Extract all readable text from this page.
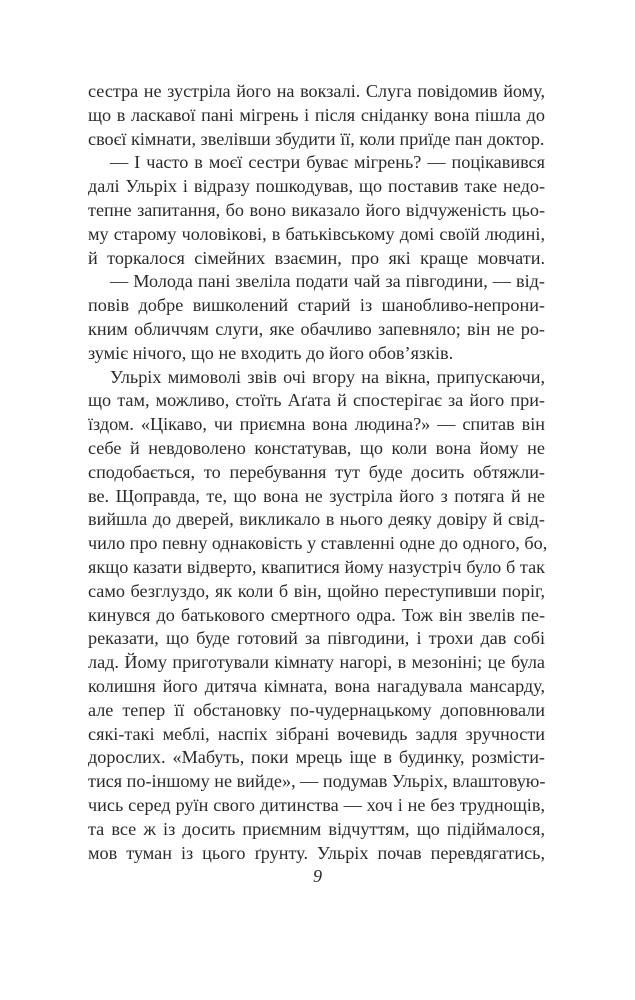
сестра не зустріла його на вокзалі. Слуга повідомив йому,
що в ласкавої пані мігрень і після сніданку вона пішла до
своєї кімнати, звелівши збудити її, коли приїде пан доктор.
— І часто в моєї сестри буває мігрень? — поцікавився
далі Ульріх і відразу пошкодував, що поставив таке недо-
тепне запитання, бо воно виказало його відчуженість цьо-
му старому чоловікові, в батьківському домі своїй людині,
й торкалося сімейних взаємин, про які краще мовчати.
— Молода пані звеліла подати чай за півгодини, — від-
повів добре вишколений старий із шанобливо-непрони-
кним обличчям слуги, яке обачливо запевняло; він не ро-
зуміє нічого, що не входить до його обов’язків.
Ульріх мимоволі звів очі вгору на вікна, припускаючи,
що там, можливо, стоїть Аґата й спостерігає за його при-
їздом. «Цікаво, чи приємна вона людина?» — спитав він
себе й невдоволено констатував, що коли вона йому не
сподобається, то перебування тут буде досить обтяжли-
ве. Щоправда, те, що вона не зустріла його з потяга й не
вийшла до дверей, викликало в нього деяку довіру й свід-
чило про певну однаковість у ставленні одне до одного, бо,
якщо казати відверто, квапитися йому назустріч було б так
само безглуздо, як коли б він, щойно переступивши поріг,
кинувся до батькового смертного одра. Тож він звелів пе-
реказати, що буде готовий за півгодини, і трохи дав собі
лад. Йому приготували кімнату нагорі, в мезоніні; це була
колишня його дитяча кімната, вона нагадувала мансарду,
але тепер її обстановку по-чудернацькому доповнювали
сякі-такі меблі, наспіх зібрані вочевидь задля зручности
дорослих. «Мабуть, поки мрець іще в будинку, розмісти-
тися по-іншому не вийде», — подумав Ульріх, влаштовую-
чись серед руїн свого дитинства — хоч і не без труднощів,
та все ж із досить приємним відчуттям, що підіймалося,
мов туман із цього ґрунту. Ульріх почав перевдягатись,
9
